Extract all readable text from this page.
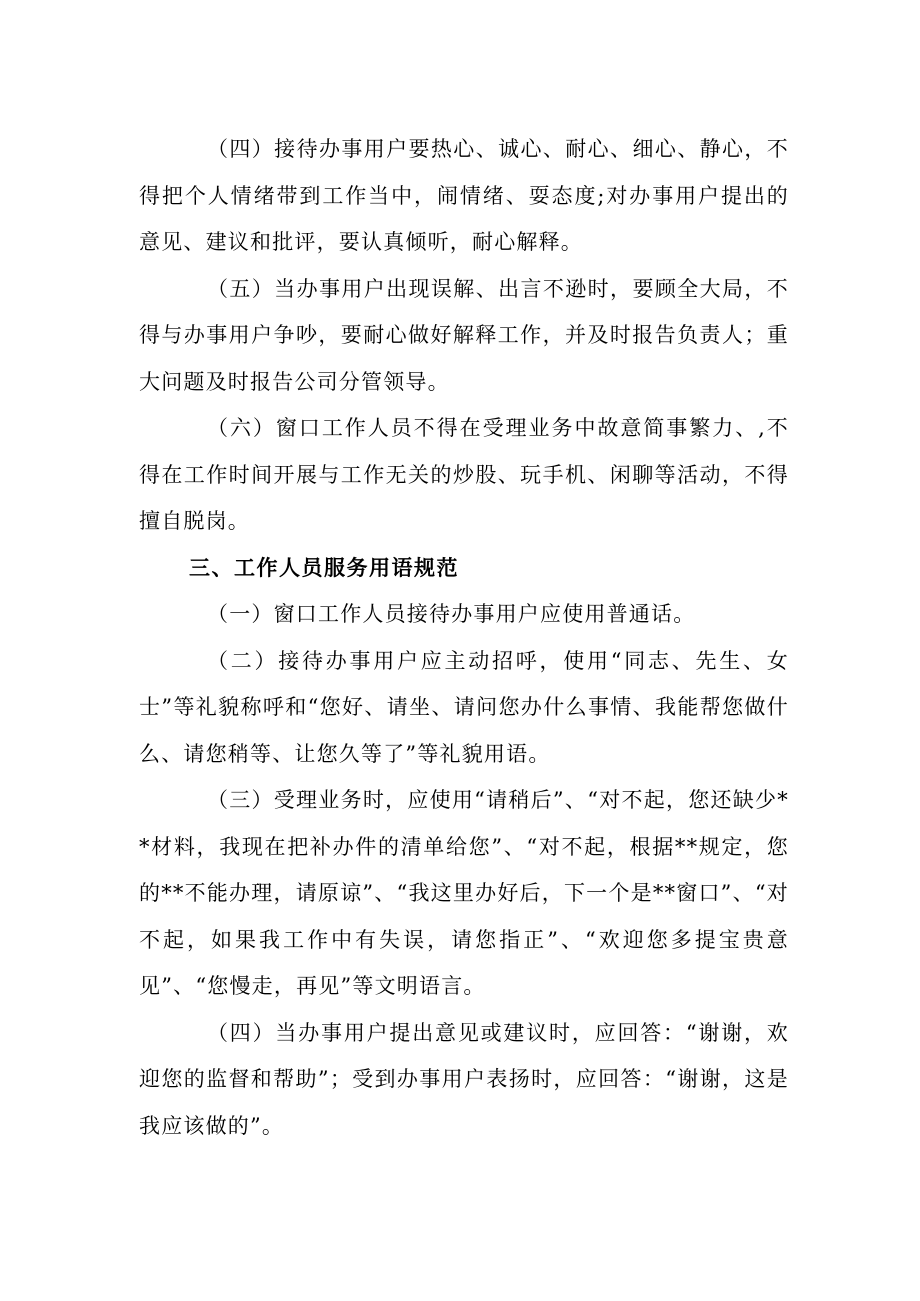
（四）接待办事用户要热心、诚心、耐心、细心、静心，不得把个人情绪带到工作当中，闹情绪、耍态度;对办事用户提出的意见、建议和批评，要认真倾听，耐心解释。

（五）当办事用户出现误解、出言不逊时，要顾全大局，不得与办事用户争吵，要耐心做好解释工作，并及时报告负责人；重大问题及时报告公司分管领导。

（六）窗口工作人员不得在受理业务中故意简事繁力、,不得在工作时间开展与工作无关的炒股、玩手机、闲聊等活动，不得擅自脱岗。

三、工作人员服务用语规范

（一）窗口工作人员接待办事用户应使用普通话。

（二）接待办事用户应主动招呼，使用“同志、先生、女士”等礼貌称呼和“您好、请坐、请问您办什么事情、我能帮您做什么、请您稍等、让您久等了”等礼貌用语。

（三）受理业务时，应使用“请稍后”、“对不起，您还缺少**材料，我现在把补办件的清单给您”、“对不起，根据**规定，您的**不能办理，请原谅”、“我这里办好后，下一个是**窗口”、“对不起，如果我工作中有失误，请您指正”、“欢迎您多提宝贵意见”、“您慢走，再见”等文明语言。

（四）当办事用户提出意见或建议时，应回答：“谢谢，欢迎您的监督和帮助”；受到办事用户表扬时，应回答：“谢谢，这是我应该做的”。
